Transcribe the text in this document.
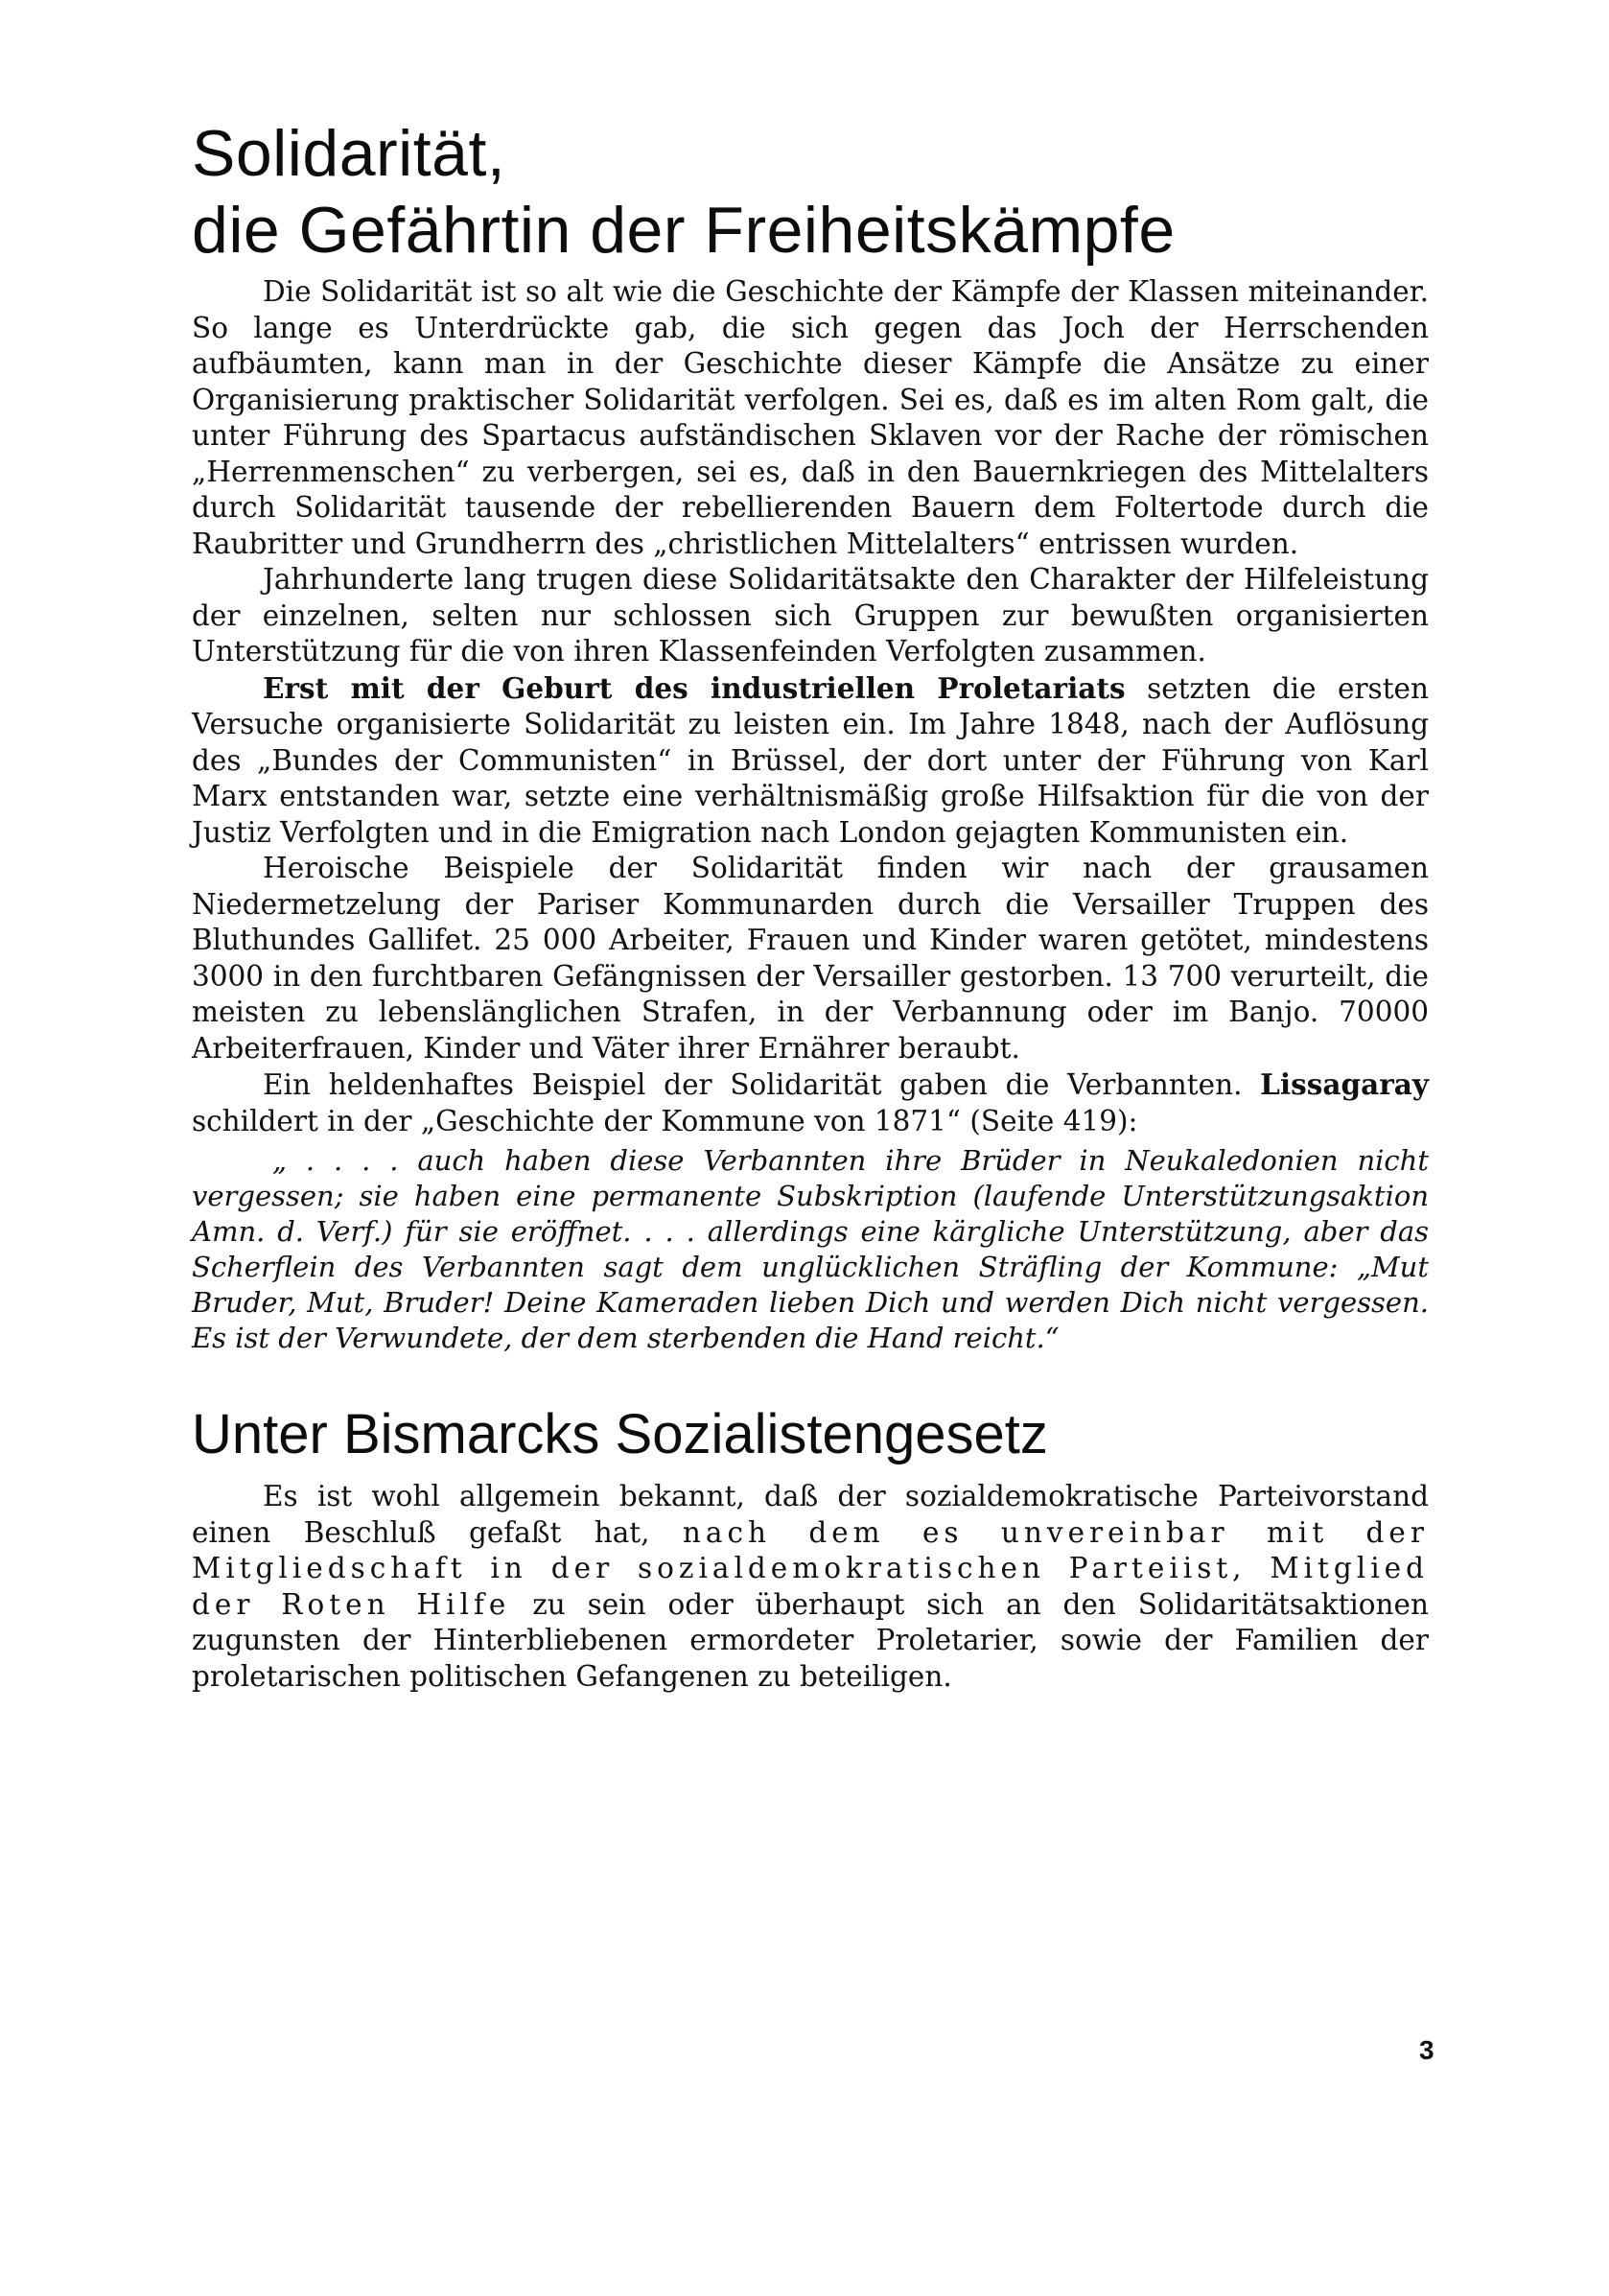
Solidarität,
die Gefährtin der Freiheitskämpfe

Die Solidarität ist so alt wie die Geschichte der Kämpfe der Klassen miteinander. So lange es Unterdrückte gab, die sich gegen das Joch der Herrschenden aufbäumten, kann man in der Geschichte dieser Kämpfe die Ansätze zu einer Organisierung praktischer Solidarität verfolgen. Sei es, daß es im alten Rom galt, die unter Führung des Spartacus aufständischen Sklaven vor der Rache der römischen „Herrenmenschen“ zu verbergen, sei es, daß in den Bauernkriegen des Mittelalters durch Solidarität tausende der rebellierenden Bauern dem Foltertode durch die Raubritter und Grundherrn des „christlichen Mittelalters“ entrissen wurden.

Jahrhunderte lang trugen diese Solidaritätsakte den Charakter der Hilfeleistung der einzelnen, selten nur schlossen sich Gruppen zur bewußten organisierten Unterstützung für die von ihren Klassenfeinden Verfolgten zusammen.

Erst mit der Geburt des industriellen Proletariats setzten die ersten Versuche organisierte Solidarität zu leisten ein. Im Jahre 1848, nach der Auflösung des „Bundes der Communisten“ in Brüssel, der dort unter der Führung von Karl Marx entstanden war, setzte eine verhältnismäßig große Hilfsaktion für die von der Justiz Verfolgten und in die Emigration nach London gejagten Kommunisten ein.

Heroische Beispiele der Solidarität finden wir nach der grausamen Niedermetzelung der Pariser Kommunarden durch die Versailler Truppen des Bluthundes Gallifet. 25 000 Arbeiter, Frauen und Kinder waren getötet, mindestens 3000 in den furchtbaren Gefängnissen der Versailler gestorben. 13 700 verurteilt, die meisten zu lebenslänglichen Strafen, in der Verbannung oder im Banjo. 70000 Arbeiterfrauen, Kinder und Väter ihrer Ernährer beraubt.

Ein heldenhaftes Beispiel der Solidarität gaben die Verbannten. Lissagaray schildert in der „Geschichte der Kommune von 1871“ (Seite 419):

„ . . . . auch haben diese Verbannten ihre Brüder in Neukaledonien nicht vergessen; sie haben eine permanente Subskription (laufende Unterstützungsaktion Amn. d. Verf.) für sie eröffnet. . . . allerdings eine kärgliche Unterstützung, aber das Scherflein des Verbannten sagt dem unglücklichen Sträfling der Kommune: „Mut Bruder, Mut, Bruder! Deine Kameraden lieben Dich und werden Dich nicht vergessen. Es ist der Verwundete, der dem sterbenden die Hand reicht.“

Unter Bismarcks Sozialistengesetz

Es ist wohl allgemein bekannt, daß der sozialdemokratische Parteivorstand einen Beschluß gefaßt hat, nach dem es unvereinbar mit der Mitgliedschaft in der sozialdemokratischen Parteiist, Mitglied der Roten Hilfe zu sein oder überhaupt sich an den Solidaritätsaktionen zugunsten der Hinterbliebenen ermordeter Proletarier, sowie der Familien der proletarischen politischen Gefangenen zu beteiligen.

3
